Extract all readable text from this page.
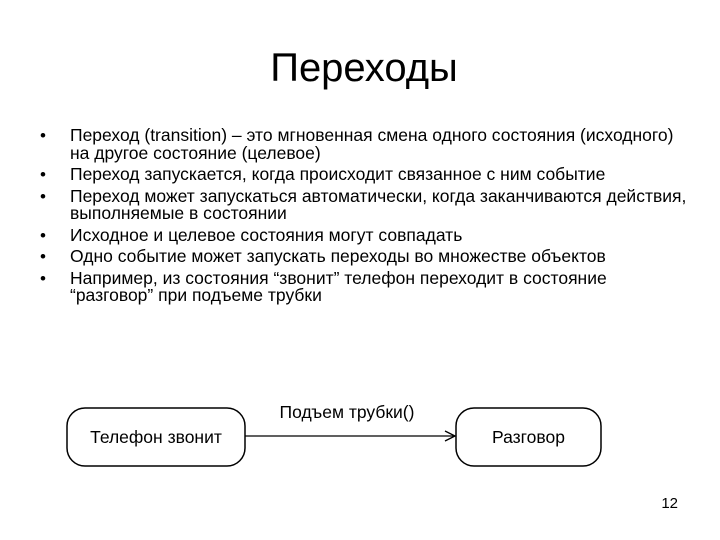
Переходы
• Переход (transition) – это мгновенная смена одного состояния (исходного) на другое состояние (целевое)
• Переход запускается, когда происходит связанное с ним событие
• Переход может запускаться автоматически, когда заканчиваются действия, выполняемые в состоянии
• Исходное и целевое состояния могут совпадать
• Одно событие может запускать переходы во множестве объектов
• Например, из состояния “звонит” телефон переходит в состояние “разговор” при подъеме трубки
Телефон звонит	Разговор
Подъем трубки()
12
